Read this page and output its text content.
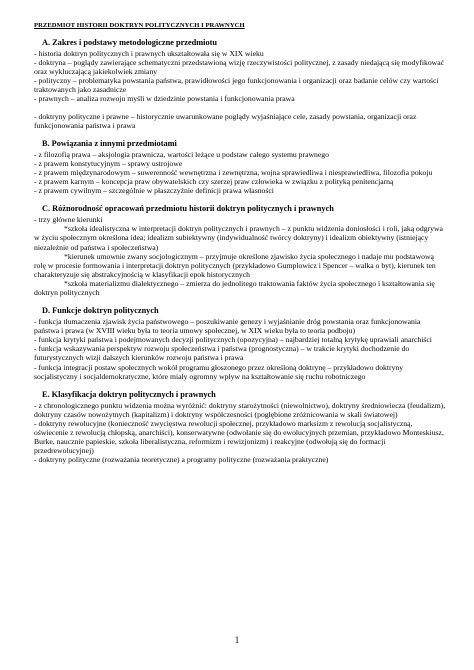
PRZEDMIOT HISTORII DOKTRYN POLITYCZNYCH I PRAWNYCH
A. Zakres i podstawy metodologiczne przedmiotu

- historia doktryn politycznych i prawnych ukształtowała się w XIX wieku

- doktryna – poglądy zawierające schematyczni przedstawioną wizję rzeczywistości politycznej, z zasady niedającą się modyfikować oraz wykluczającą jakiekolwiek zmiany

- polityczny – problematyka powstania państwa, prawidłowości jego funkcjonowania i organizacji oraz badanie celów czy wartości traktowanych jako zasadnicze

- prawnych – analiza rozwoju myśli w dziedzinie powstania i funkcjonowania prawa

- doktryny polityczne i prawne – historycznie uwarunkowane poglądy wyjaśniające cele, zasady powstania, organizacji oraz funkcjonowania państwa i prawa

B. Powiązania z innymi przedmiotami

- z filozofią prawa – aksjologia prawnicza, wartości leżące u podstaw całego systemu prawnego

- z prawem konstytucyjnym – sprawy ustrojowe

- z prawem międzynarodowym – suwerenność wewnętrzna i zewnętrzna, wojna sprawiedliwa i niesprawiedliwa, filozofia pokoju

- z prawem karnym – koncepcja praw obywatelskich czy szerzej praw człowieka w związku z polityką penitencjarną

- z prawem cywilnym – szczególnie w płaszczyźnie definicji prawa własności

C. Różnorodność opracowań przedmiotu historii doktryn politycznych i prawnych

- trzy główne kierunki

*szkoła idealistyczna w interpretacji doktryn politycznych i prawnych – z punktu widzenia doniosłości i roli, jaką odgrywa w życiu społecznym określona idea; idealizm subiektywny (indywidualność twórcy doktryny) i idealizm obiektywny (istniejący niezależnie od państwa i społeczeństwa)

*kierunek umownie zwany socjologicznym – przyjmuje określone zjawisko życia społecznego i nadaje mu podstawową rolę w procesie formowania i interpretacji doktryn politycznych (przykładowo Gumplowicz i Spencer – walka o byt), kierunek ten charakteryzuje się abstrakcyjnością w klasyfikacji epok historycznych

*szkoła materializmu dialektycznego – zmierza do jednolitego traktowania faktów życia społecznego i kształtowania się doktryn politycznych

D. Funkcje doktryn politycznych

- funkcja tłumaczenia zjawisk życia państwowego – poszukiwanie genezy i wyjaśnianie dróg powstania oraz funkcjonowania państwa i prawa (w XVIII wieku była to teoria umowy społecznej, w XIX wieku była to teoria podboju)

- funkcja krytyki państwa i podejmowanych decyzji politycznych (opozycyjna) – najbardziej totalną krytykę uprawiali anarchiści

- funkcja wskazywania perspektyw rozwoju społeczeństwa i państwa (prognostyczna) – w trakcie krytyki dochodzenie do futurystycznych wizji dalszych kierunków rozwoju państwa i prawa

- funkcja integracji postaw społecznych wokół programu głoszonego przez określoną doktrynę – przykładowo doktryny socjalistyczny i socjaldemokratyczne, które miały ogromny wpływ na kształtowanie się ruchu robotniczego

E. Klasyfikacja doktryn politycznych i prawnych

- z chronologicznego punktu widzenia można wyróżnić: doktryny starożytności (niewolnictwo), doktryny średniowiecza (feudalizm), doktryny czasów nowożytnych (kapitalizm) i doktryny współczesności (pogłębione zróżnicowania w skali światowej)

- doktryny rewolucyjne (konieczność zwycięstwa rewolucji społecznej, przykładowo marksizm z rewolucją socjalistyczną, oświecenie z rewolucją chłopską, anarchiści), konserwatywne (odwołanie się do ewolucyjnych przemian, przykładowo Monteskiusz, Burke, naucznie papieskie, szkoła liberalistyczna, reformizm i rewizjonizm) i reakcyjne (odwołują się do formacji przedrewolucyjnej)

- doktryny polityczne (rozważania teoretyczne) a programy polityczne (rozważania praktyczne)

1
